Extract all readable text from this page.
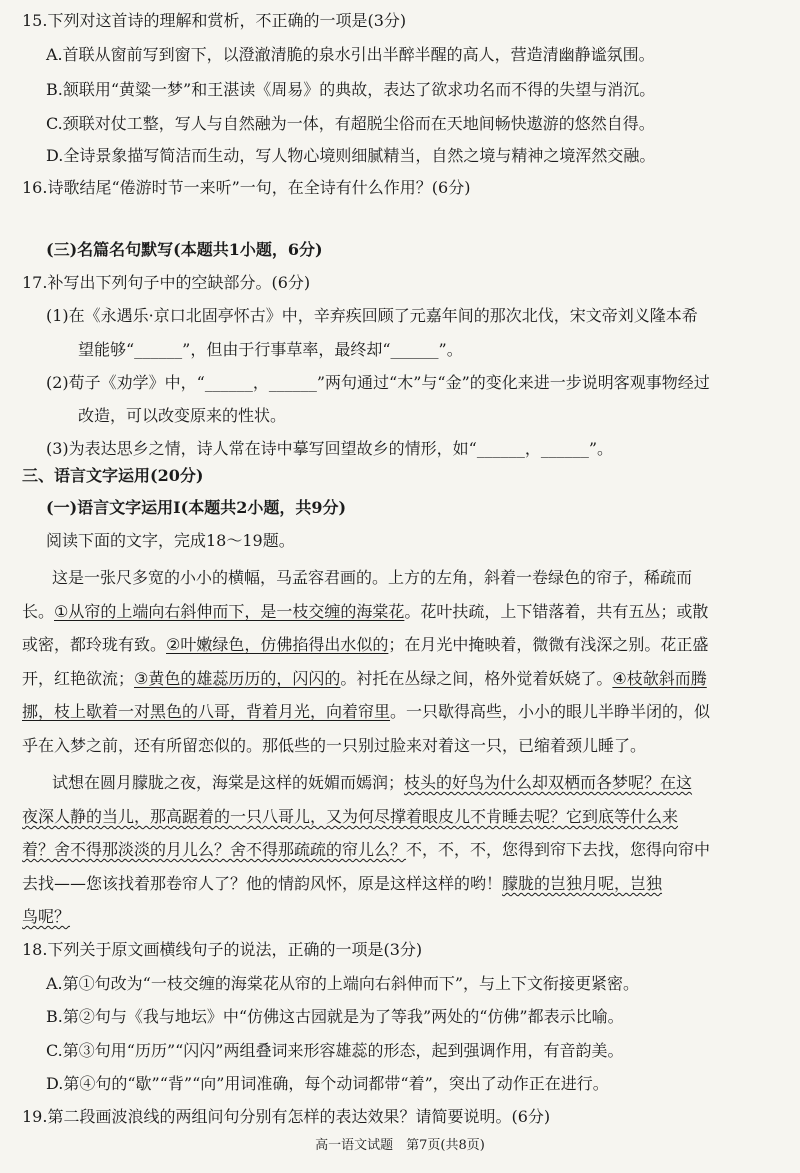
15.下列对这首诗的理解和赏析，不正确的一项是(3分)
A.首联从窗前写到窗下，以澄澈清脆的泉水引出半醉半醒的高人，营造清幽静谧氛围。
B.颔联用“黄粱一梦”和王湛读《周易》的典故，表达了欲求功名而不得的失望与消沉。
C.颈联对仗工整，写人与自然融为一体，有超脱尘俗而在天地间畅快遨游的悠然自得。
D.全诗景象描写简洁而生动，写人物心境则细腻精当，自然之境与精神之境浑然交融。
16.诗歌结尾“倦游时节一来听”一句，在全诗有什么作用？(6分)
(三)名篇名句默写(本题共1小题，6分)
17.补写出下列句子中的空缺部分。(6分)
(1)在《永遇乐·京口北固亭怀古》中，辛弃疾回顾了元嘉年间的那次北伐，宋文帝刘义隆本希
望能够“______”，但由于行事草率，最终却“______”。
(2)荀子《劝学》中，“______，______”两句通过“木”与“金”的变化来进一步说明客观事物经过
改造，可以改变原来的性状。
(3)为表达思乡之情，诗人常在诗中摹写回望故乡的情形，如“______，______”。
三、语言文字运用(20分)
(一)语言文字运用Ⅰ(本题共2小题，共9分)
阅读下面的文字，完成18～19题。
这是一张尺多宽的小小的横幅，马孟容君画的。上方的左角，斜着一卷绿色的帘子，稀疏而
长。①从帘的上端向右斜伸而下，是一枝交缠的海棠花。花叶扶疏，上下错落着，共有五丛；或散
或密，都玲珑有致。②叶嫩绿色，仿佛掐得出水似的；在月光中掩映着，微微有浅深之别。花正盛
开，红艳欲流；③黄色的雄蕊历历的，闪闪的。衬托在丛绿之间，格外觉着妖娆了。④枝欹斜而腾
挪，枝上歇着一对黑色的八哥，背着月光，向着帘里。一只歇得高些，小小的眼儿半睁半闭的，似
乎在入梦之前，还有所留恋似的。那低些的一只别过脸来对着这一只，已缩着颈儿睡了。
试想在圆月朦胧之夜，海棠是这样的妩媚而嫣润；枝头的好鸟为什么却双栖而各梦呢？在这
夜深人静的当儿，那高踞着的一只八哥儿，又为何尽撑着眼皮儿不肯睡去呢？它到底等什么来
着？舍不得那淡淡的月儿么？舍不得那疏疏的帘儿么？不，不，不，您得到帘下去找，您得向帘中
去找——您该找着那卷帘人了？他的情韵风怀，原是这样这样的哟！朦胧的岂独月呢，岂独
鸟呢？
18.下列关于原文画横线句子的说法，正确的一项是(3分)
A.第①句改为“一枝交缠的海棠花从帘的上端向右斜伸而下”，与上下文衔接更紧密。
B.第②句与《我与地坛》中“仿佛这古园就是为了等我”两处的“仿佛”都表示比喻。
C.第③句用“历历”“闪闪”两组叠词来形容雄蕊的形态，起到强调作用，有音韵美。
D.第④句的“歇”“背”“向”用词准确，每个动词都带“着”，突出了动作正在进行。
19.第二段画波浪线的两组问句分别有怎样的表达效果？请简要说明。(6分)
高一语文试题　第7页(共8页)
